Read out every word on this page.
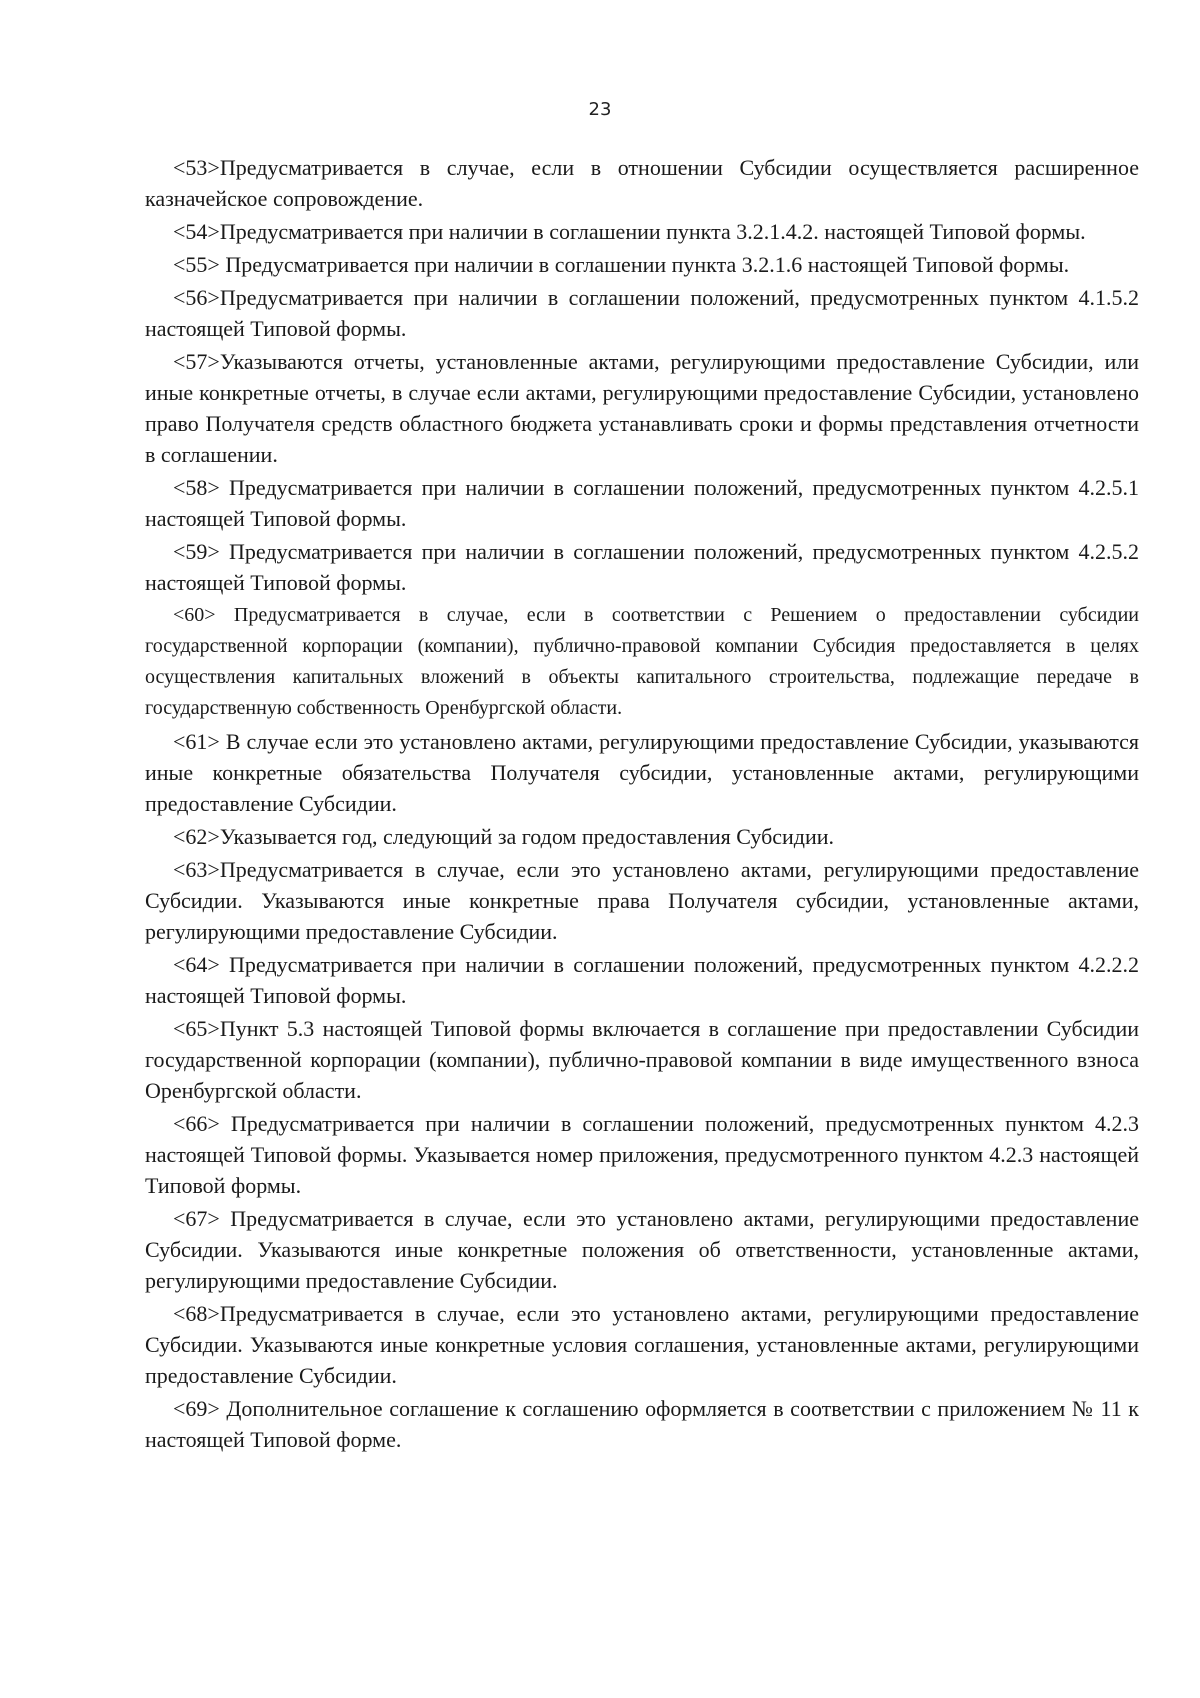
23

<53>Предусматривается в случае, если в отношении Субсидии осуществляется расширенное казначейское сопровождение.

<54>Предусматривается при наличии в соглашении пункта 3.2.1.4.2. настоящей Типовой формы.

<55> Предусматривается при наличии в соглашении пункта 3.2.1.6 настоящей Типовой формы.

<56>Предусматривается при наличии в соглашении положений, предусмотренных пунктом 4.1.5.2 настоящей Типовой формы.

<57>Указываются отчеты, установленные актами, регулирующими предоставление Субсидии, или иные конкретные отчеты, в случае если актами, регулирующими предоставление Субсидии, установлено право Получателя средств областного бюджета устанавливать сроки и формы представления отчетности в соглашении.

<58> Предусматривается при наличии в соглашении положений, предусмотренных пунктом 4.2.5.1 настоящей Типовой формы.

<59> Предусматривается при наличии в соглашении положений, предусмотренных пунктом 4.2.5.2 настоящей Типовой формы.

<60> Предусматривается в случае, если в соответствии с Решением о предоставлении субсидии государственной корпорации (компании), публично-правовой компании Субсидия предоставляется в целях осуществления капитальных вложений в объекты капитального строительства, подлежащие передаче в государственную собственность Оренбургской области.

<61> В случае если это установлено актами, регулирующими предоставление Субсидии, указываются иные конкретные обязательства Получателя субсидии, установленные актами, регулирующими предоставление Субсидии.

<62>Указывается год, следующий за годом предоставления Субсидии.

<63>Предусматривается в случае, если это установлено актами, регулирующими предоставление Субсидии. Указываются иные конкретные права Получателя субсидии, установленные актами, регулирующими предоставление Субсидии.

<64> Предусматривается при наличии в соглашении положений, предусмотренных пунктом 4.2.2.2 настоящей Типовой формы.

<65>Пункт 5.3 настоящей Типовой формы включается в соглашение при предоставлении Субсидии государственной корпорации (компании), публично-правовой компании в виде имущественного взноса Оренбургской области.

<66> Предусматривается при наличии в соглашении положений, предусмотренных пунктом 4.2.3 настоящей Типовой формы. Указывается номер приложения, предусмотренного пунктом 4.2.3 настоящей Типовой формы.

<67> Предусматривается в случае, если это установлено актами, регулирующими предоставление Субсидии. Указываются иные конкретные положения об ответственности, установленные актами, регулирующими предоставление Субсидии.

<68>Предусматривается в случае, если это установлено актами, регулирующими предоставление Субсидии. Указываются иные конкретные условия соглашения, установленные актами, регулирующими предоставление Субсидии.

<69> Дополнительное соглашение к соглашению оформляется в соответствии с приложением № 11 к настоящей Типовой форме.
